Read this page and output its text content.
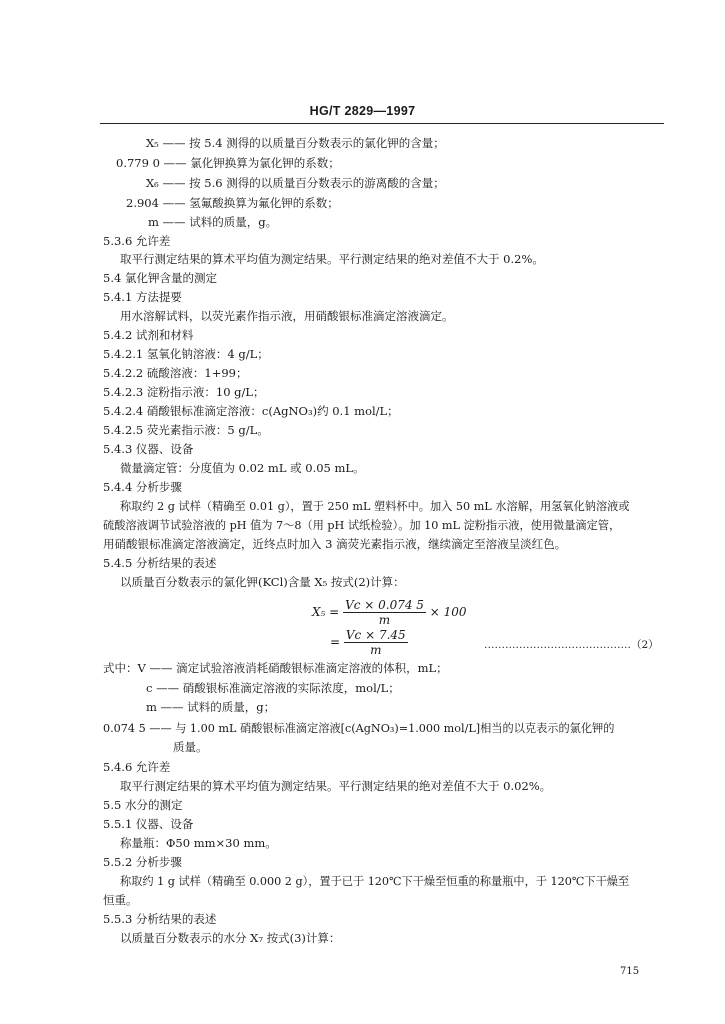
HG/T 2829—1997
X₅ —— 按 5.4 测得的以质量百分数表示的氯化钾的含量；
0.779 0 —— 氯化钾换算为氯化钾的系数；
X₆ —— 按 5.6 测得的以质量百分数表示的游离酸的含量；
2.904 —— 氢氟酸换算为氟化钾的系数；
m —— 试料的质量，g。
5.3.6 允许差
取平行测定结果的算术平均值为测定结果。平行测定结果的绝对差值不大于 0.2%。
5.4 氯化钾含量的测定
5.4.1 方法提要
用水溶解试料，以荧光素作指示液，用硝酸银标准滴定溶液滴定。
5.4.2 试剂和材料
5.4.2.1 氢氧化钠溶液：4 g/L；
5.4.2.2 硫酸溶液：1+99；
5.4.2.3 淀粉指示液：10 g/L；
5.4.2.4 硝酸银标准滴定溶液：c(AgNO₃)约 0.1 mol/L；
5.4.2.5 荧光素指示液：5 g/L。
5.4.3 仪器、设备
微量滴定管：分度值为 0.02 mL 或 0.05 mL。
5.4.4 分析步骤
称取约 2 g 试样（精确至 0.01 g），置于 250 mL 塑料杯中。加入 50 mL 水溶解，用氢氧化钠溶液或
硫酸溶液调节试验溶液的 pH 值为 7～8（用 pH 试纸检验）。加 10 mL 淀粉指示液，使用微量滴定管，
用硝酸银标准滴定溶液滴定，近终点时加入 3 滴荧光素指示液，继续滴定至溶液呈淡红色。
5.4.5 分析结果的表述
以质量百分数表示的氯化钾(KCl)含量 X₅ 按式(2)计算：
$X_5 = \frac{Vc \times 0.074 5}{m} \times 100$
= $\frac{Vc \times 7.45}{m}$	……………………………………（2）
式中：V —— 滴定试验溶液消耗硝酸银标准滴定溶液的体积，mL；
c —— 硝酸银标准滴定溶液的实际浓度，mol/L；
m —— 试料的质量，g；
0.074 5 —— 与 1.00 mL 硝酸银标准滴定溶液[c(AgNO₃)=1.000 mol/L]相当的以克表示的氯化钾的
质量。
5.4.6 允许差
取平行测定结果的算术平均值为测定结果。平行测定结果的绝对差值不大于 0.02%。
5.5 水分的测定
5.5.1 仪器、设备
称量瓶：Φ50 mm×30 mm。
5.5.2 分析步骤
称取约 1 g 试样（精确至 0.000 2 g），置于已于 120℃下干燥至恒重的称量瓶中，于 120℃下干燥至
恒重。
5.5.3 分析结果的表述
以质量百分数表示的水分 X₇ 按式(3)计算：
715
